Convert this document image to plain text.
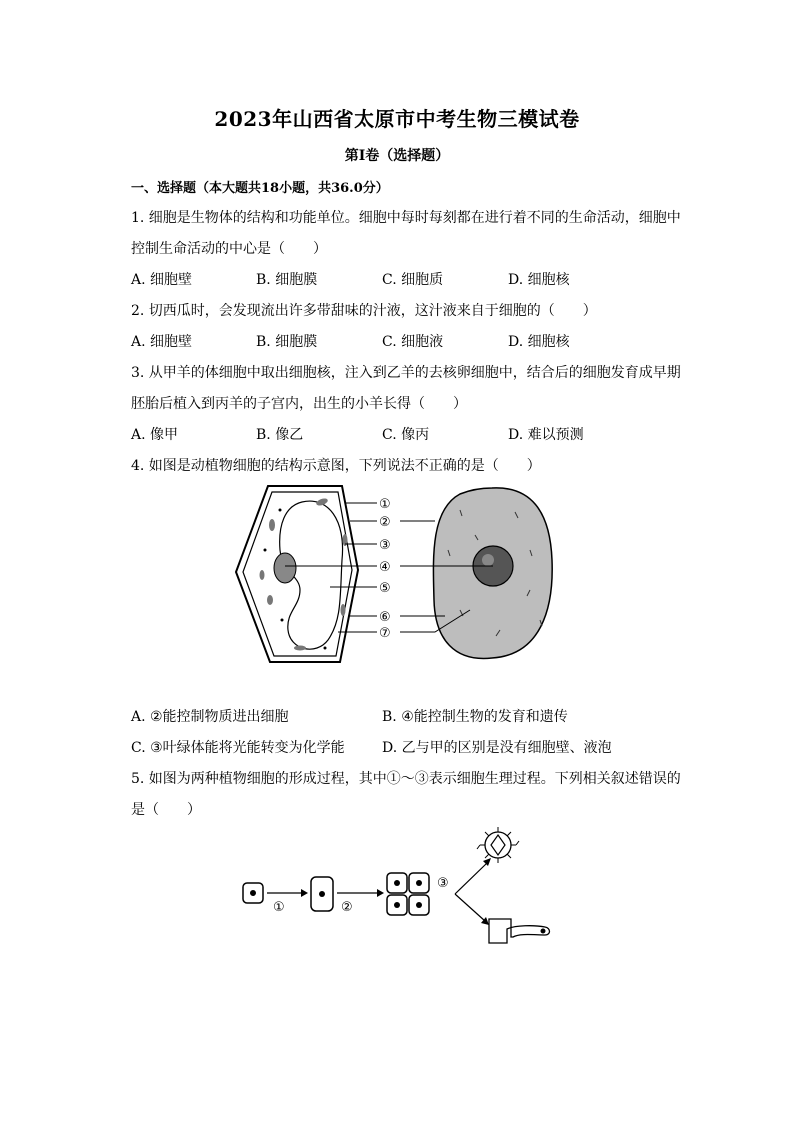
2023年山西省太原市中考生物三模试卷
第Ⅰ卷（选择题）
一、选择题（本大题共18小题，共36.0分）
1. 细胞是生物体的结构和功能单位。细胞中每时每刻都在进行着不同的生命活动，细胞中
控制生命活动的中心是（　　）
A. 细胞壁	B. 细胞膜	C. 细胞质	D. 细胞核
2. 切西瓜时，会发现流出许多带甜味的汁液，这汁液来自于细胞的（　　）
A. 细胞壁	B. 细胞膜	C. 细胞液	D. 细胞核
3. 从甲羊的体细胞中取出细胞核，注入到乙羊的去核卵细胞中，结合后的细胞发育成早期
胚胎后植入到丙羊的子宫内，出生的小羊长得（　　）
A. 像甲	B. 像乙	C. 像丙	D. 难以预测
4. 如图是动植物细胞的结构示意图，下列说法不正确的是（　　）
①
②
③
④
⑤
⑥
⑦
A. ②能控制物质进出细胞	B. ④能控制生物的发育和遗传
C. ③叶绿体能将光能转变为化学能	D. 乙与甲的区别是没有细胞壁、液泡
5. 如图为两种植物细胞的形成过程，其中①～③表示细胞生理过程。下列相关叙述错误的
是（　　）
①	②
③
